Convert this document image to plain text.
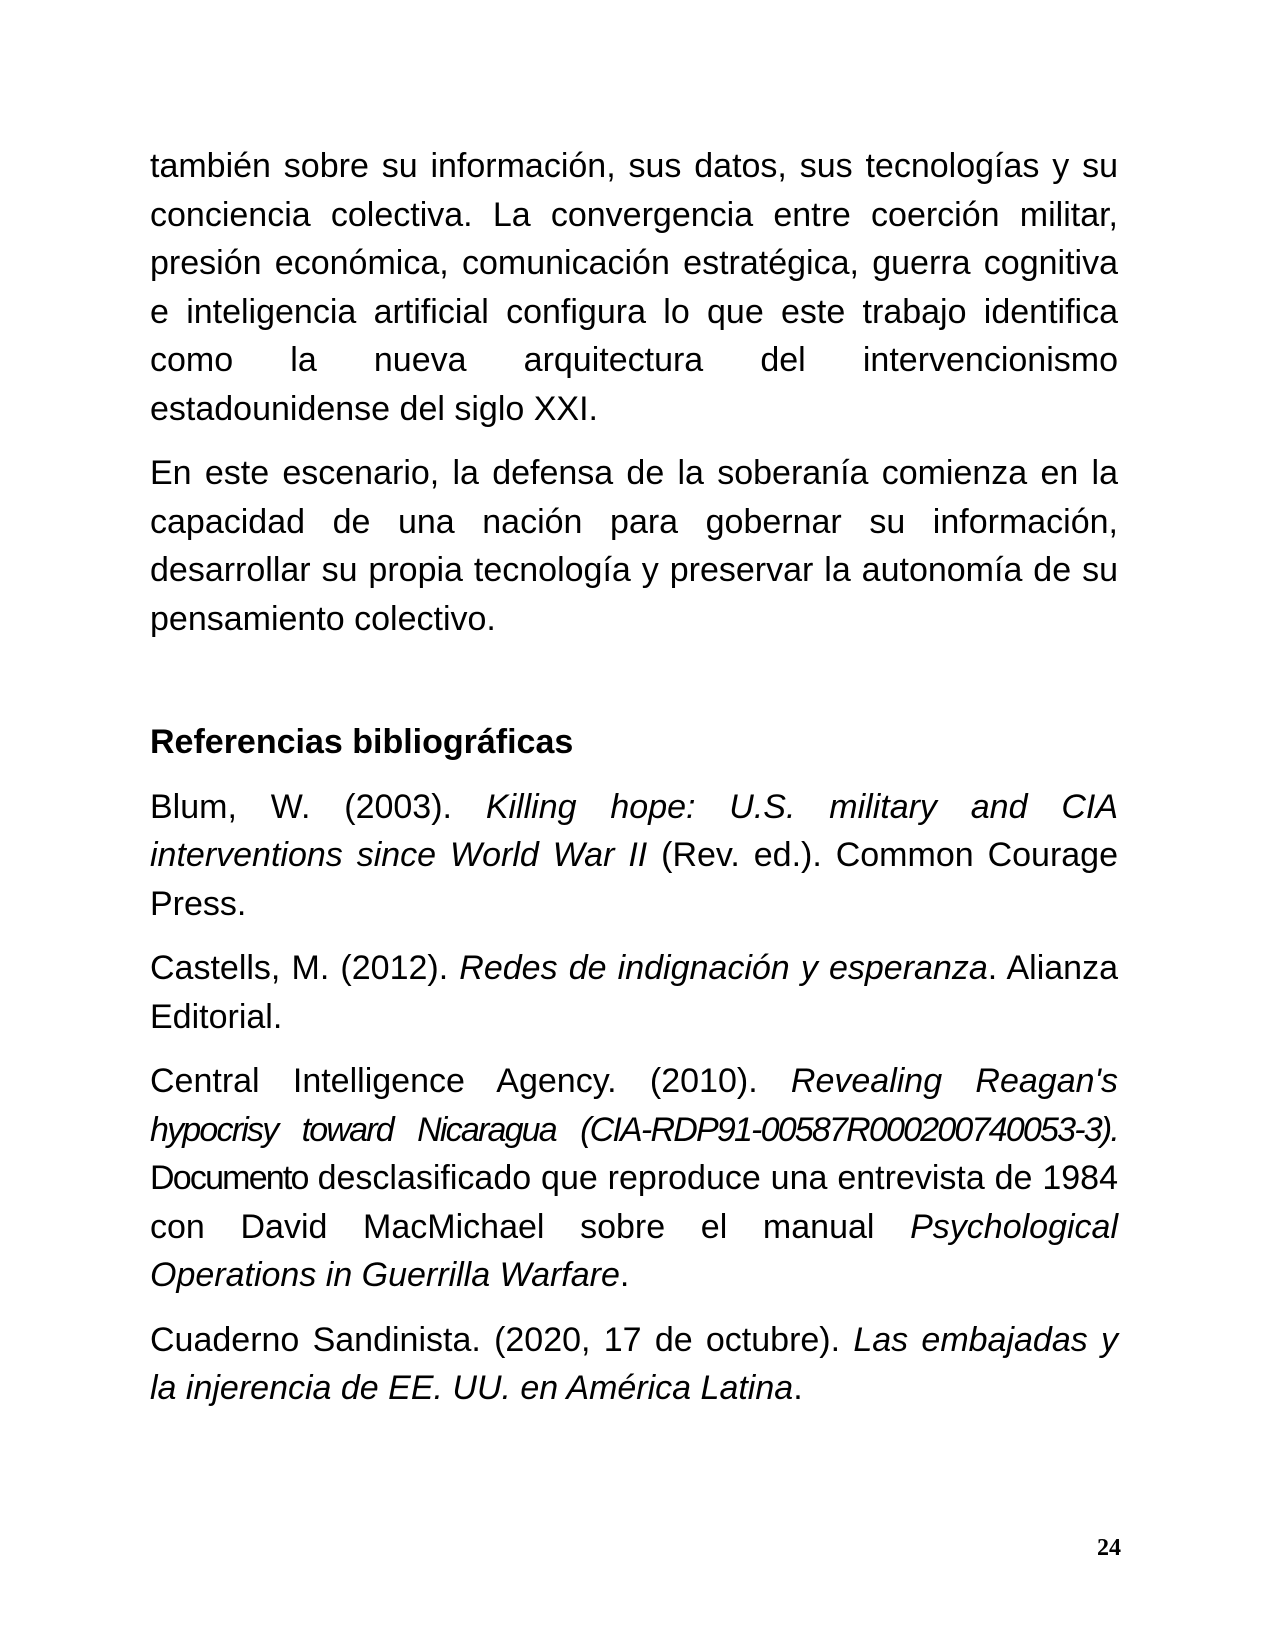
también sobre su información, sus datos, sus tecnologías y su conciencia colectiva. La convergencia entre coerción militar, presión económica, comunicación estratégica, guerra cognitiva e inteligencia artificial configura lo que este trabajo identifica como la nueva arquitectura del intervencionismo estadounidense del siglo XXI.

En este escenario, la defensa de la soberanía comienza en la capacidad de una nación para gobernar su información, desarrollar su propia tecnología y preservar la autonomía de su pensamiento colectivo.

Referencias bibliográficas

Blum, W. (2003). Killing hope: U.S. military and CIA interventions since World War II (Rev. ed.). Common Courage Press.

Castells, M. (2012). Redes de indignación y esperanza. Alianza Editorial.

Central Intelligence Agency. (2010). Revealing Reagan's hypocrisy toward Nicaragua (CIA-RDP91-00587R000200740053-3). Documento desclasificado que reproduce una entrevista de 1984 con David MacMichael sobre el manual Psychological Operations in Guerrilla Warfare.

Cuaderno Sandinista. (2020, 17 de octubre). Las embajadas y la injerencia de EE. UU. en América Latina.

24
